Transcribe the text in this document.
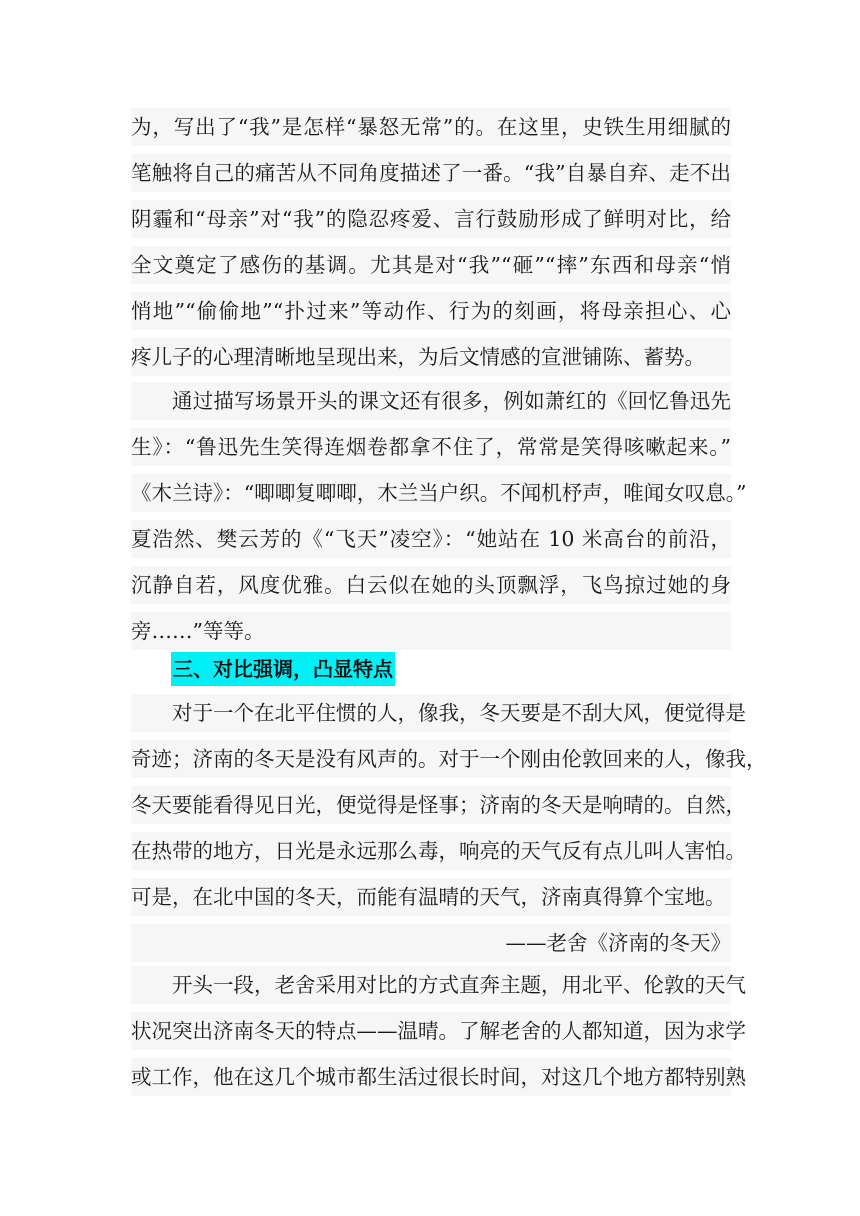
为，写出了“我”是怎样“暴怒无常”的。在这里，史铁生用细腻的
笔触将自己的痛苦从不同角度描述了一番。“我”自暴自弃、走不出
阴霾和“母亲”对“我”的隐忍疼爱、言行鼓励形成了鲜明对比，给
全文奠定了感伤的基调。尤其是对“我”“砸”“摔”东西和母亲“悄
悄地”“偷偷地”“扑过来”等动作、行为的刻画，将母亲担心、心
疼儿子的心理清晰地呈现出来，为后文情感的宣泄铺陈、蓄势。
通过描写场景开头的课文还有很多，例如萧红的《回忆鲁迅先
生》：“鲁迅先生笑得连烟卷都拿不住了，常常是笑得咳嗽起来。”
《木兰诗》：“唧唧复唧唧，木兰当户织。不闻机杼声，唯闻女叹息。”
夏浩然、樊云芳的《“飞天”凌空》：“她站在 10 米高台的前沿，
沉静自若，风度优雅。白云似在她的头顶飘浮，飞鸟掠过她的身
旁……”等等。
三、对比强调，凸显特点
对于一个在北平住惯的人，像我，冬天要是不刮大风，便觉得是
奇迹；济南的冬天是没有风声的。对于一个刚由伦敦回来的人，像我，
冬天要能看得见日光，便觉得是怪事；济南的冬天是响晴的。自然，
在热带的地方，日光是永远那么毒，响亮的天气反有点儿叫人害怕。
可是，在北中国的冬天，而能有温晴的天气，济南真得算个宝地。
——老舍《济南的冬天》
开头一段，老舍采用对比的方式直奔主题，用北平、伦敦的天气
状况突出济南冬天的特点——温晴。了解老舍的人都知道，因为求学
或工作，他在这几个城市都生活过很长时间，对这几个地方都特别熟
